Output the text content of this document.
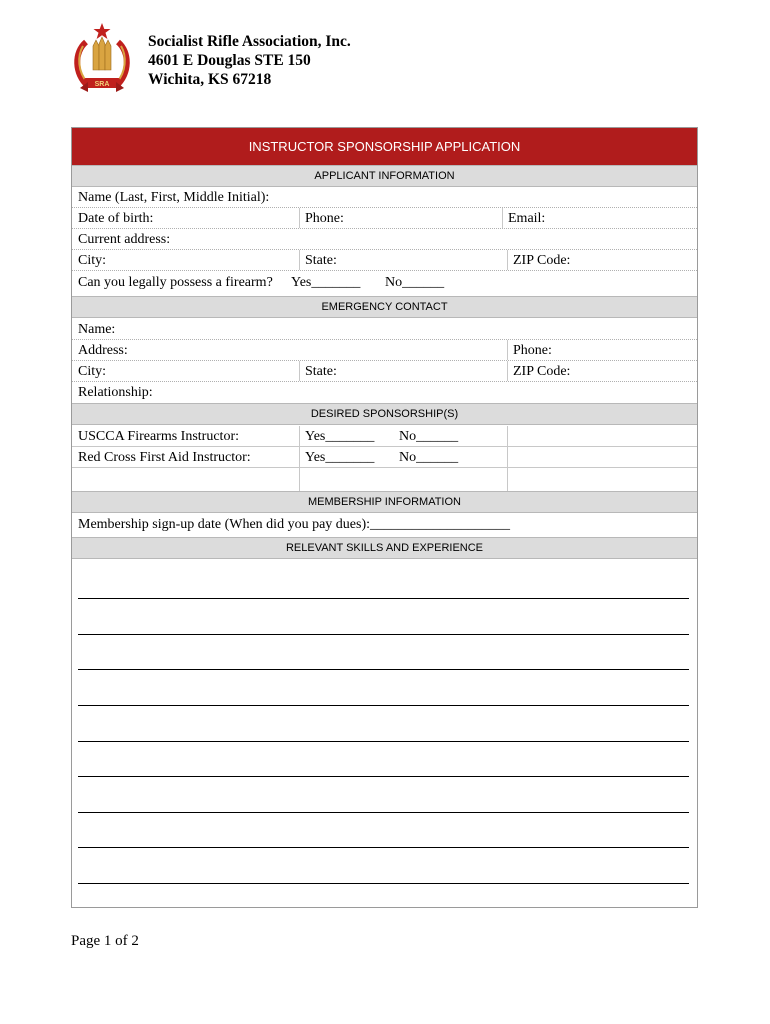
SRA
Socialist Rifle Association, Inc.
4601 E Douglas STE 150
Wichita, KS 67218
INSTRUCTOR SPONSORSHIP APPLICATION
APPLICANT INFORMATION
Name (Last, First, Middle Initial):
Date of birth:	Phone:	Email:
Current address:
City:	State:	ZIP Code:
Can you legally possess a firearm? Yes_______ No______
EMERGENCY CONTACT
Name:
Address:	Phone:
City:	State:	ZIP Code:
Relationship:
DESIRED SPONSORSHIP(S)
USCCA Firearms Instructor:	Yes_______ No______
Red Cross First Aid Instructor:	Yes_______ No______
MEMBERSHIP INFORMATION
Membership sign-up date (When did you pay dues):____________________
RELEVANT SKILLS AND EXPERIENCE
Page 1 of 2
